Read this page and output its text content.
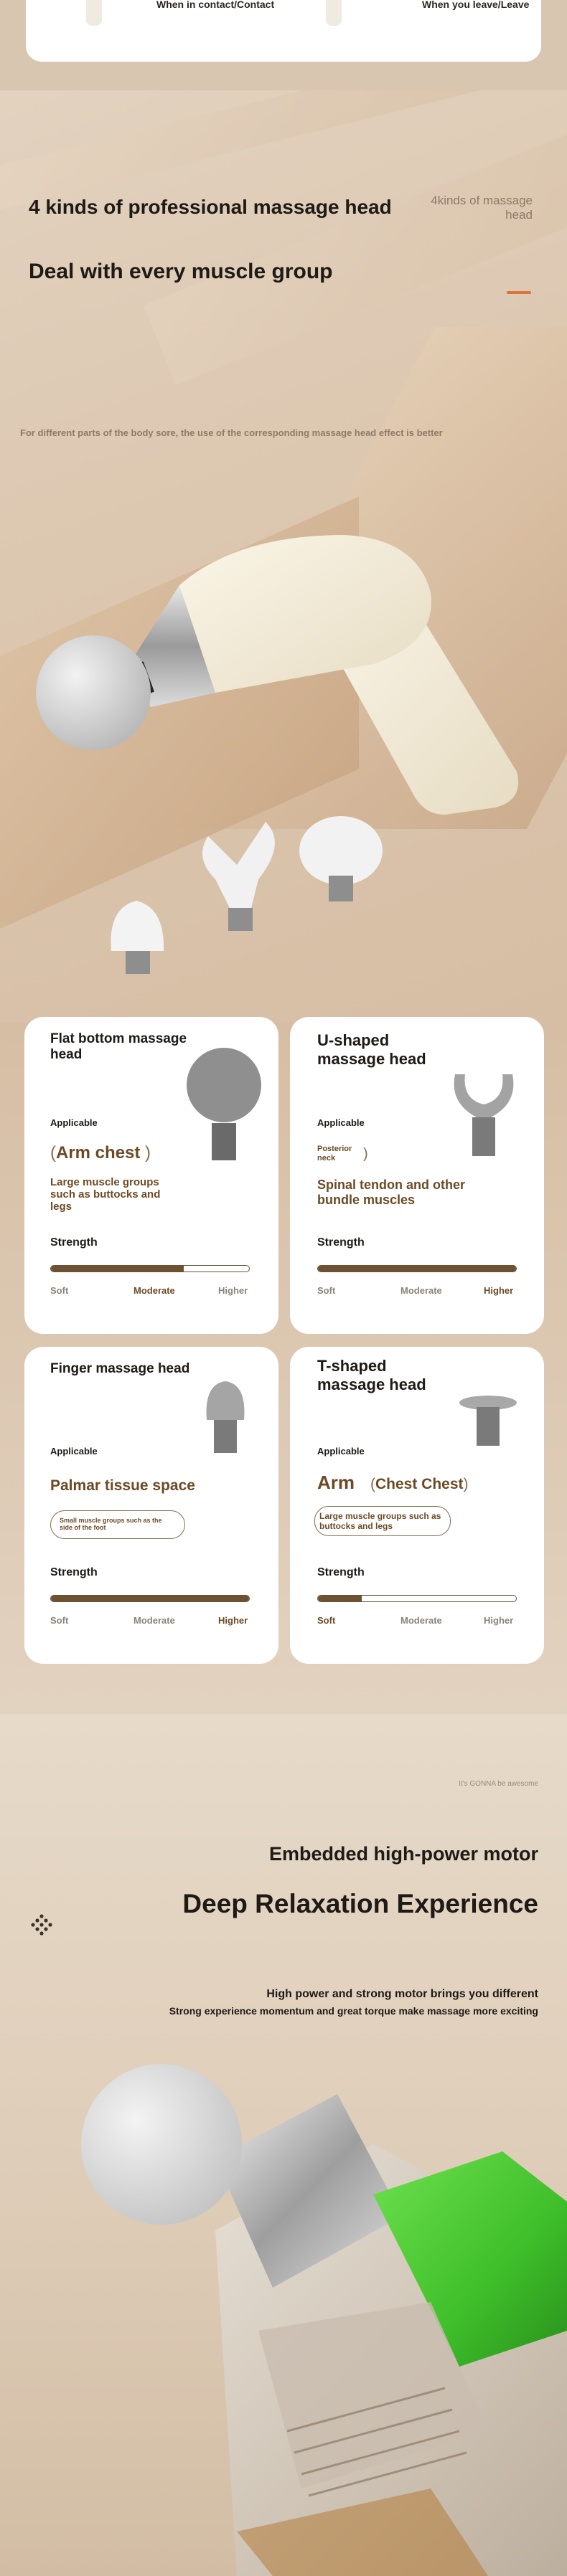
When in contact/Contact	When you leave/Leave
4 kinds of professional massage head
Deal with every muscle group
4kinds of massage head
For different parts of the body sore, the use of the corresponding massage head effect is better
Flat bottom massage head
Applicable
(Arm chest )
Large muscle groups such as buttocks and legs
Strength
Soft	Moderate	Higher
U-shaped massage head
Applicable
Posterior neck	)
Spinal tendon and other bundle muscles
Strength
Soft	Moderate	Higher
Finger massage head
Applicable
Palmar tissue space
Small muscle groups such as the side of the foot
Strength
Soft	Moderate	Higher
T-shaped massage head
Applicable
Arm (Chest Chest)
Large muscle groups such as buttocks and legs
Strength
Soft	Moderate	Higher
It's GONNA be awesome
Embedded high-power motor
Deep Relaxation Experience
High power and strong motor brings you different
Strong experience momentum and great torque make massage more exciting
